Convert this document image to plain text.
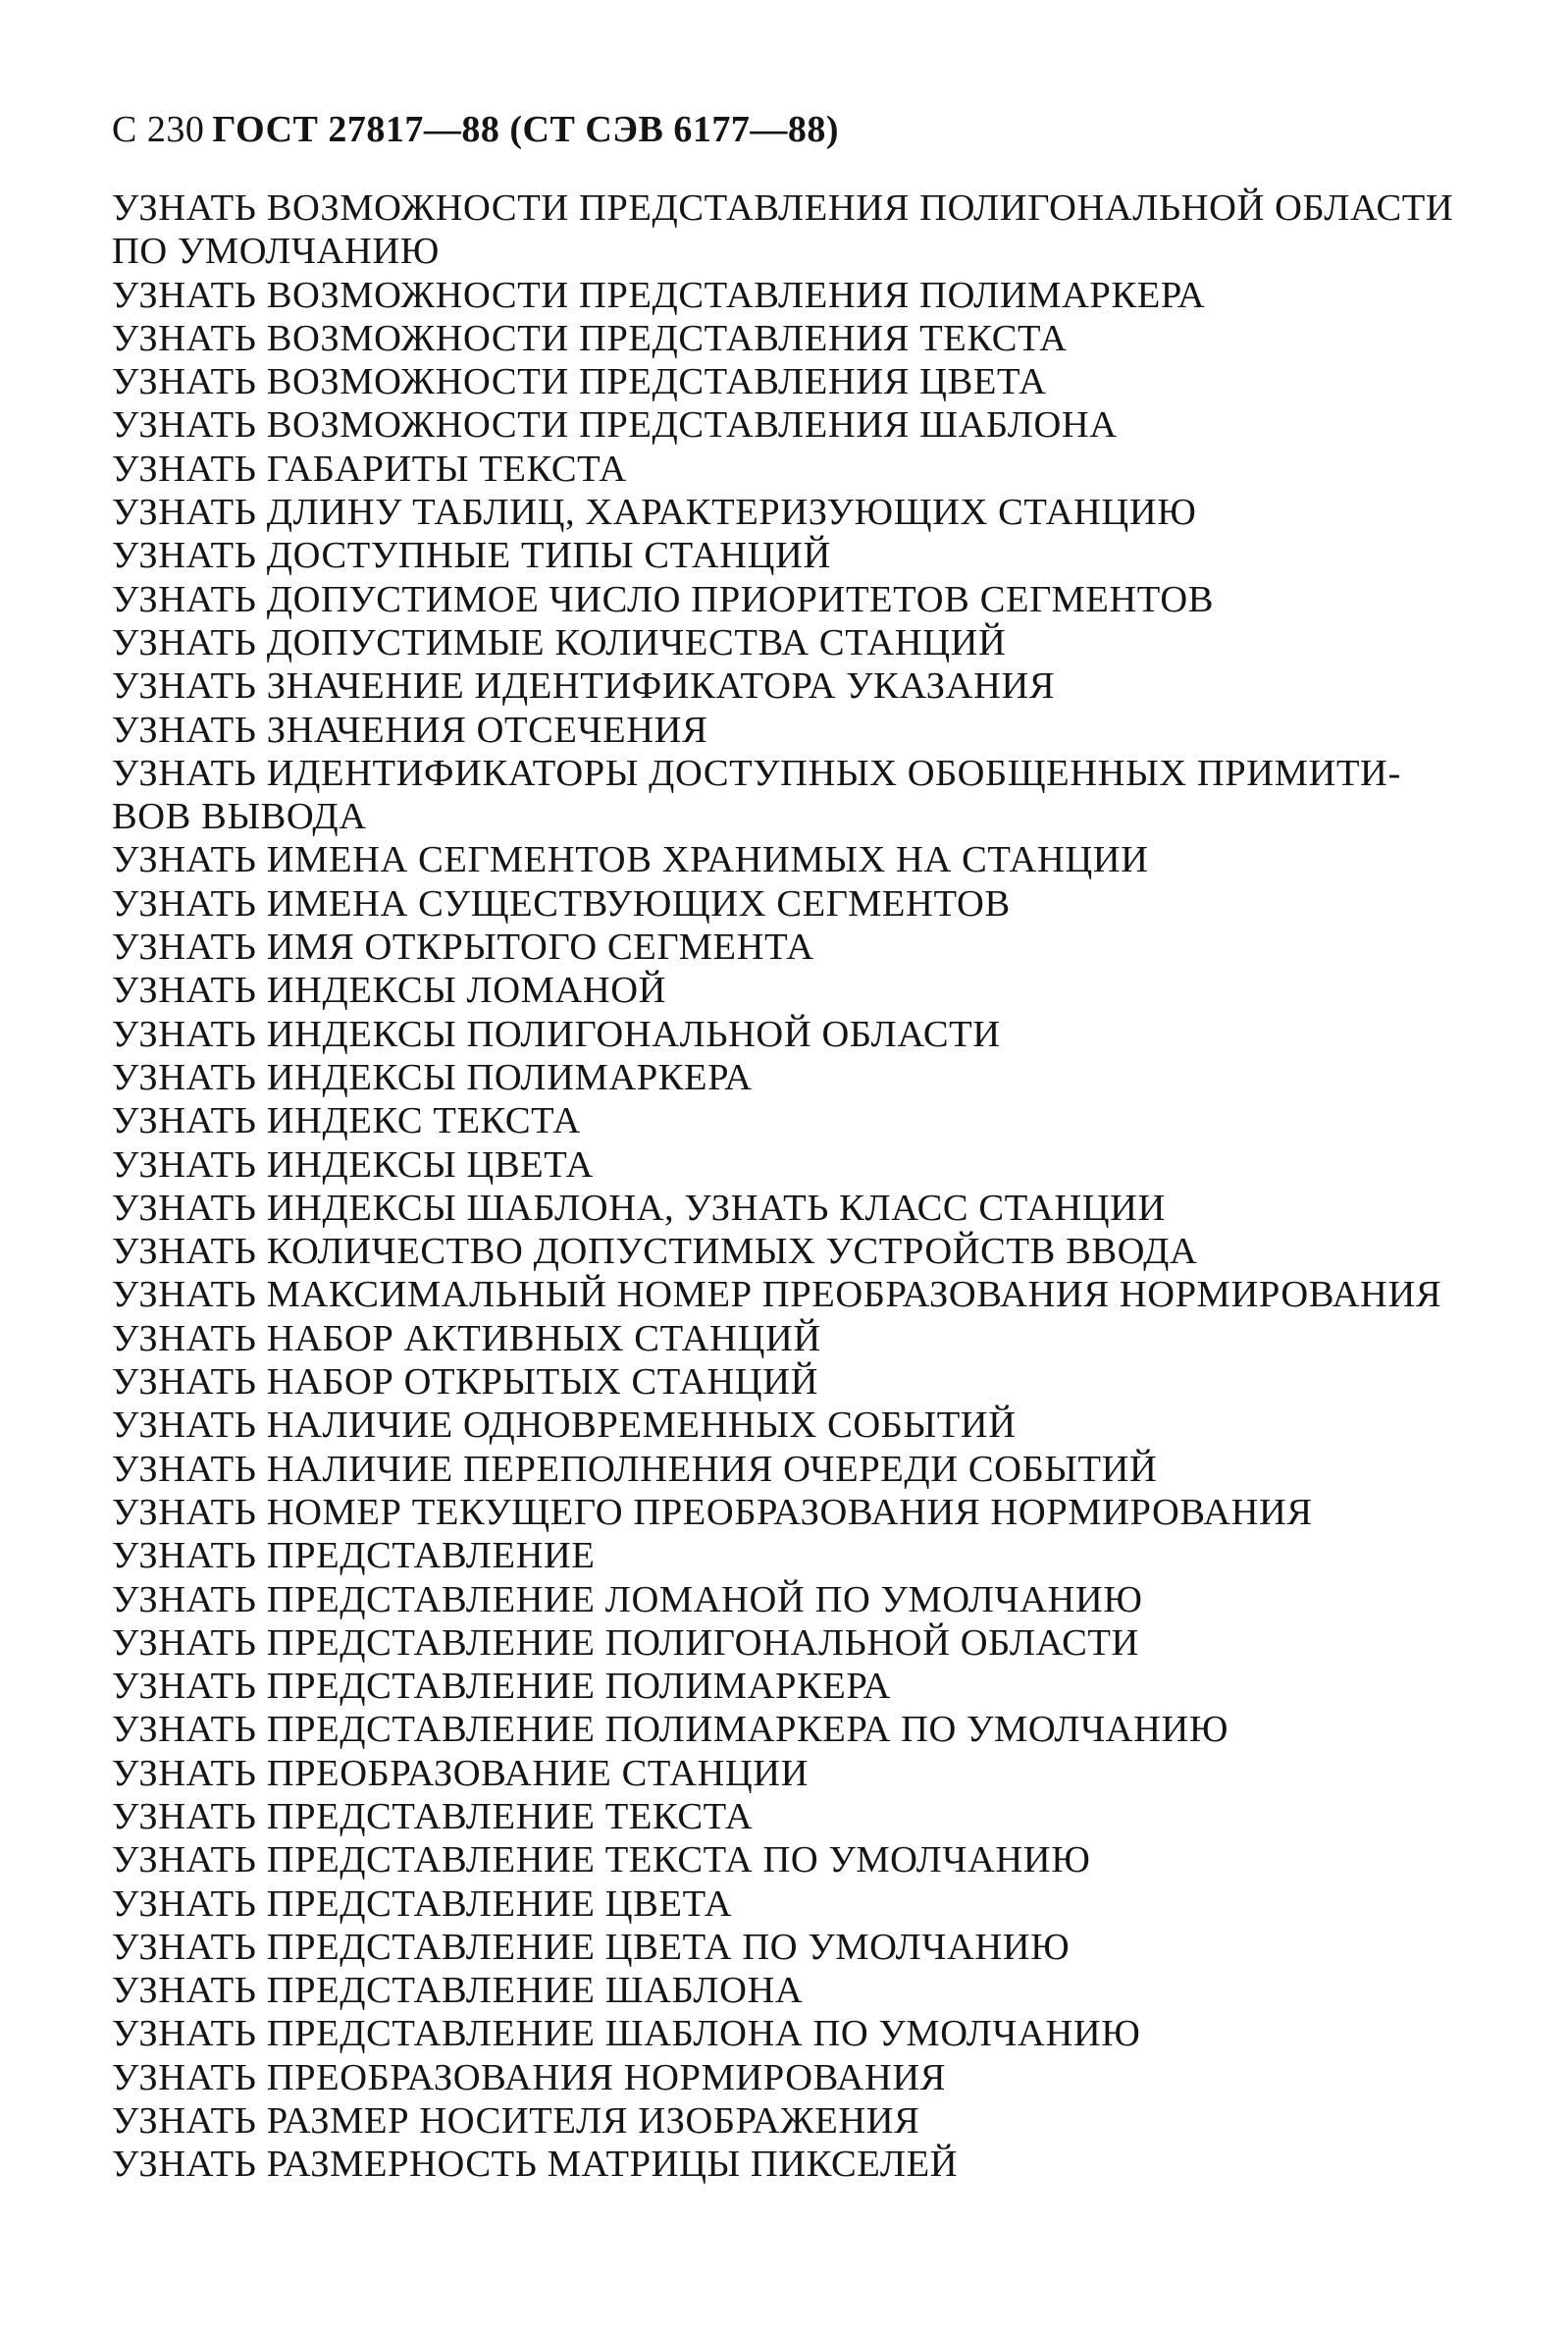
С 230 ГОСТ 27817—88 (СТ СЭВ 6177—88)
УЗНАТЬ ВОЗМОЖНОСТИ ПРЕДСТАВЛЕНИЯ ПОЛИГОНАЛЬНОЙ ОБЛАСТИ
ПО УМОЛЧАНИЮ
УЗНАТЬ ВОЗМОЖНОСТИ ПРЕДСТАВЛЕНИЯ ПОЛИМАРКЕРА
УЗНАТЬ ВОЗМОЖНОСТИ ПРЕДСТАВЛЕНИЯ ТЕКСТА
УЗНАТЬ ВОЗМОЖНОСТИ ПРЕДСТАВЛЕНИЯ ЦВЕТА
УЗНАТЬ ВОЗМОЖНОСТИ ПРЕДСТАВЛЕНИЯ ШАБЛОНА
УЗНАТЬ ГАБАРИТЫ ТЕКСТА
УЗНАТЬ ДЛИНУ ТАБЛИЦ, ХАРАКТЕРИЗУЮЩИХ СТАНЦИЮ
УЗНАТЬ ДОСТУПНЫЕ ТИПЫ СТАНЦИЙ
УЗНАТЬ ДОПУСТИМОЕ ЧИСЛО ПРИОРИТЕТОВ СЕГМЕНТОВ
УЗНАТЬ ДОПУСТИМЫЕ КОЛИЧЕСТВА СТАНЦИЙ
УЗНАТЬ ЗНАЧЕНИЕ ИДЕНТИФИКАТОРА УКАЗАНИЯ
УЗНАТЬ ЗНАЧЕНИЯ ОТСЕЧЕНИЯ
УЗНАТЬ ИДЕНТИФИКАТОРЫ ДОСТУПНЫХ ОБОБЩЕННЫХ ПРИМИТИ-
ВОВ ВЫВОДА
УЗНАТЬ ИМЕНА СЕГМЕНТОВ ХРАНИМЫХ НА СТАНЦИИ
УЗНАТЬ ИМЕНА СУЩЕСТВУЮЩИХ СЕГМЕНТОВ
УЗНАТЬ ИМЯ ОТКРЫТОГО СЕГМЕНТА
УЗНАТЬ ИНДЕКСЫ ЛОМАНОЙ
УЗНАТЬ ИНДЕКСЫ ПОЛИГОНАЛЬНОЙ ОБЛАСТИ
УЗНАТЬ ИНДЕКСЫ ПОЛИМАРКЕРА
УЗНАТЬ ИНДЕКС ТЕКСТА
УЗНАТЬ ИНДЕКСЫ ЦВЕТА
УЗНАТЬ ИНДЕКСЫ ШАБЛОНА, УЗНАТЬ КЛАСС СТАНЦИИ
УЗНАТЬ КОЛИЧЕСТВО ДОПУСТИМЫХ УСТРОЙСТВ ВВОДА
УЗНАТЬ МАКСИМАЛЬНЫЙ НОМЕР ПРЕОБРАЗОВАНИЯ НОРМИРОВАНИЯ
УЗНАТЬ НАБОР АКТИВНЫХ СТАНЦИЙ
УЗНАТЬ НАБОР ОТКРЫТЫХ СТАНЦИЙ
УЗНАТЬ НАЛИЧИЕ ОДНОВРЕМЕННЫХ СОБЫТИЙ
УЗНАТЬ НАЛИЧИЕ ПЕРЕПОЛНЕНИЯ ОЧЕРЕДИ СОБЫТИЙ
УЗНАТЬ НОМЕР ТЕКУЩЕГО ПРЕОБРАЗОВАНИЯ НОРМИРОВАНИЯ
УЗНАТЬ ПРЕДСТАВЛЕНИЕ
УЗНАТЬ ПРЕДСТАВЛЕНИЕ ЛОМАНОЙ ПО УМОЛЧАНИЮ
УЗНАТЬ ПРЕДСТАВЛЕНИЕ ПОЛИГОНАЛЬНОЙ ОБЛАСТИ
УЗНАТЬ ПРЕДСТАВЛЕНИЕ ПОЛИМАРКЕРА
УЗНАТЬ ПРЕДСТАВЛЕНИЕ ПОЛИМАРКЕРА ПО УМОЛЧАНИЮ
УЗНАТЬ ПРЕОБРАЗОВАНИЕ СТАНЦИИ
УЗНАТЬ ПРЕДСТАВЛЕНИЕ ТЕКСТА
УЗНАТЬ ПРЕДСТАВЛЕНИЕ ТЕКСТА ПО УМОЛЧАНИЮ
УЗНАТЬ ПРЕДСТАВЛЕНИЕ ЦВЕТА
УЗНАТЬ ПРЕДСТАВЛЕНИЕ ЦВЕТА ПО УМОЛЧАНИЮ
УЗНАТЬ ПРЕДСТАВЛЕНИЕ ШАБЛОНА
УЗНАТЬ ПРЕДСТАВЛЕНИЕ ШАБЛОНА ПО УМОЛЧАНИЮ
УЗНАТЬ ПРЕОБРАЗОВАНИЯ НОРМИРОВАНИЯ
УЗНАТЬ РАЗМЕР НОСИТЕЛЯ ИЗОБРАЖЕНИЯ
УЗНАТЬ РАЗМЕРНОСТЬ МАТРИЦЫ ПИКСЕЛЕЙ
